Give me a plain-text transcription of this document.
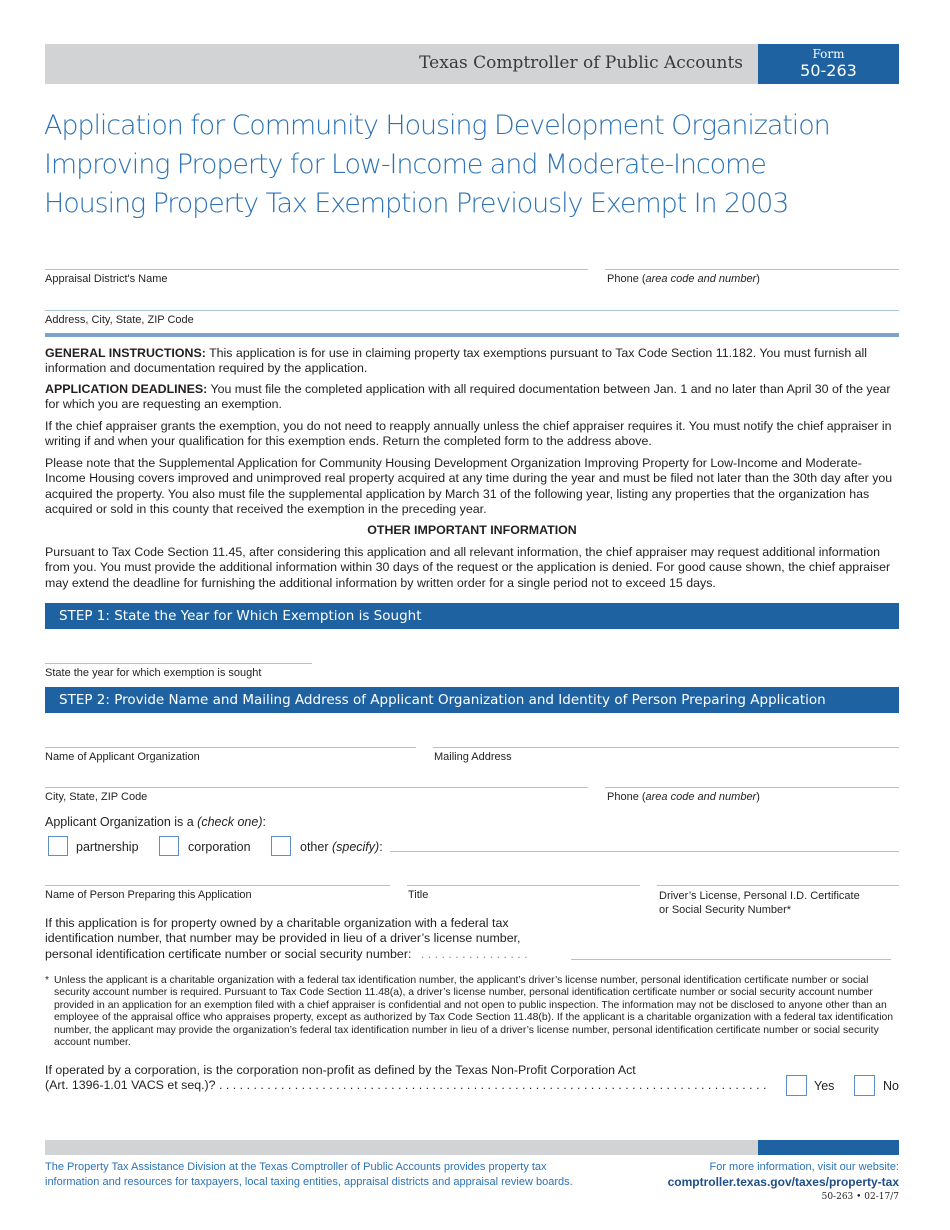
Texas Comptroller of Public Accounts	Form
50-263
Application for Community Housing Development Organization
Improving Property for Low-Income and Moderate-Income
Housing Property Tax Exemption Previously Exempt In 2003
Appraisal District's Name	Phone (area code and number)
Address, City, State, ZIP Code

GENERAL INSTRUCTIONS: This application is for use in claiming property tax exemptions pursuant to Tax Code Section 11.182. You must furnish all information and documentation required by the application.

APPLICATION DEADLINES: You must file the completed application with all required documentation between Jan. 1 and no later than April 30 of the year for which you are requesting an exemption.

If the chief appraiser grants the exemption, you do not need to reapply annually unless the chief appraiser requires it. You must notify the chief appraiser in writing if and when your qualification for this exemption ends. Return the completed form to the address above.

Please note that the Supplemental Application for Community Housing Development Organization Improving Property for Low-Income and Moderate-Income Housing covers improved and unimproved real property acquired at any time during the year and must be filed not later than the 30th day after you acquired the property. You also must file the supplemental application by March 31 of the following year, listing any properties that the organization has acquired or sold in this county that received the exemption in the preceding year.

OTHER IMPORTANT INFORMATION

Pursuant to Tax Code Section 11.45, after considering this application and all relevant information, the chief appraiser may request additional information from you. You must provide the additional information within 30 days of the request or the application is denied. For good cause shown, the chief appraiser may extend the deadline for furnishing the additional information by written order for a single period not to exceed 15 days.

STEP 1: State the Year for Which Exemption is Sought
State the year for which exemption is sought
STEP 2: Provide Name and Mailing Address of Applicant Organization and Identity of Person Preparing Application
Name of Applicant Organization	Mailing Address
City, State, ZIP Code	Phone (area code and number)
Applicant Organization is a (check one):
partnership	corporation	other (specify):
Name of Person Preparing this Application	Title	Driver’s License, Personal I.D. Certificate
or Social Security Number*
If this application is for property owned by a charitable organization with a federal tax
identification number, that number may be provided in lieu of a driver’s license number,
personal identification certificate number or social security number: . . . . . . . . . . . . . . . .
* Unless the applicant is a charitable organization with a federal tax identification number, the applicant’s driver’s license number, personal identification certificate number or social security account number is required. Pursuant to Tax Code Section 11.48(a), a driver’s license number, personal identification certificate number or social security account number provided in an application for an exemption filed with a chief appraiser is confidential and not open to public inspection. The information may not be disclosed to anyone other than an employee of the appraisal office who appraises property, except as authorized by Tax Code Section 11.48(b). If the applicant is a charitable organization with a federal tax identification number, the applicant may provide the organization’s federal tax identification number in lieu of a driver’s license number, personal identification certificate number or social security account number.
If operated by a corporation, is the corporation non-profit as defined by the Texas Non-Profit Corporation Act
(Art. 1396-1.01 VACS et seq.)? . . . . . . . . . . . . . . . . . . . . . . . . . . . . . . . . . . . . . . . . . . . . . . . . . . . . . . . . . . . . . . . . . . . . . . . . . . . . . . . .	Yes	No
The Property Tax Assistance Division at the Texas Comptroller of Public Accounts provides property tax
information and resources for taxpayers, local taxing entities, appraisal districts and appraisal review boards.
For more information, visit our website:
comptroller.texas.gov/taxes/property-tax
50-263 • 02-17/7
